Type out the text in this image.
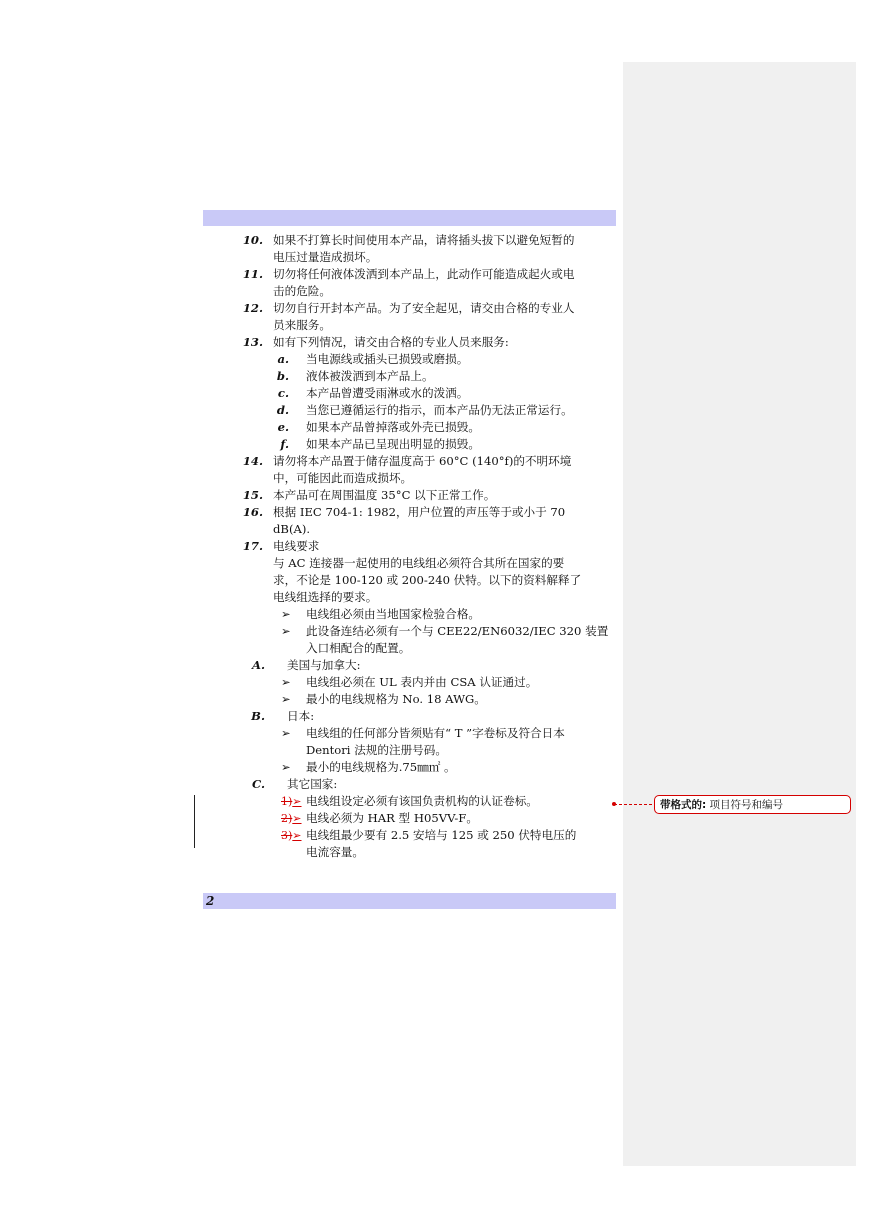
10. 如果不打算长时间使用本产品，请将插头拔下以避免短暂的
电压过量造成损坏。
11. 切勿将任何液体泼洒到本产品上，此动作可能造成起火或电
击的危险。
12. 切勿自行开封本产品。为了安全起见，请交由合格的专业人
员来服务。
13. 如有下列情况，请交由合格的专业人员来服务:
a. 当电源线或插头已损毁或磨损。
b. 液体被泼洒到本产品上。
c. 本产品曾遭受雨淋或水的泼洒。
d. 当您已遵循运行的指示，而本产品仍无法正常运行。
e. 如果本产品曾掉落或外壳已损毁。
f. 如果本产品已呈现出明显的损毁。
14. 请勿将本产品置于储存温度高于 60°C (140°f)的不明环境
中，可能因此而造成损坏。
15. 本产品可在周围温度 35°C 以下正常工作。
16. 根据 IEC 704-1: 1982，用户位置的声压等于或小于 70
dB(A).
17. 电线要求
与 AC 连接器一起使用的电线组必须符合其所在国家的要
求，不论是 100-120 或 200-240 伏特。以下的资料解释了
电线组选择的要求。
➢	电线组必须由当地国家检验合格。
➢	此设备连结必须有一个与 CEE22/EN6032/IEC 320 装置
入口相配合的配置。
A. 美国与加拿大:
➢	电线组必须在 UL 表内并由 CSA 认证通过。
➢	最小的电线规格为 No. 18 AWG。
B. 日本:
➢	电线组的任何部分皆须贴有“ T ”字卷标及符合日本
Dentori 法规的注册号码。
➢	最小的电线规格为.75㎜㎡ 。
C. 其它国家:
1)➢ 电线组设定必须有该国负责机构的认证卷标。
2)➢ 电线必须为 HAR 型 H05VV-F。
3)➢ 电线组最少要有 2.5 安培与 125 或 250 伏特电压的
电流容量。
2
带格式的: 项目符号和编号
